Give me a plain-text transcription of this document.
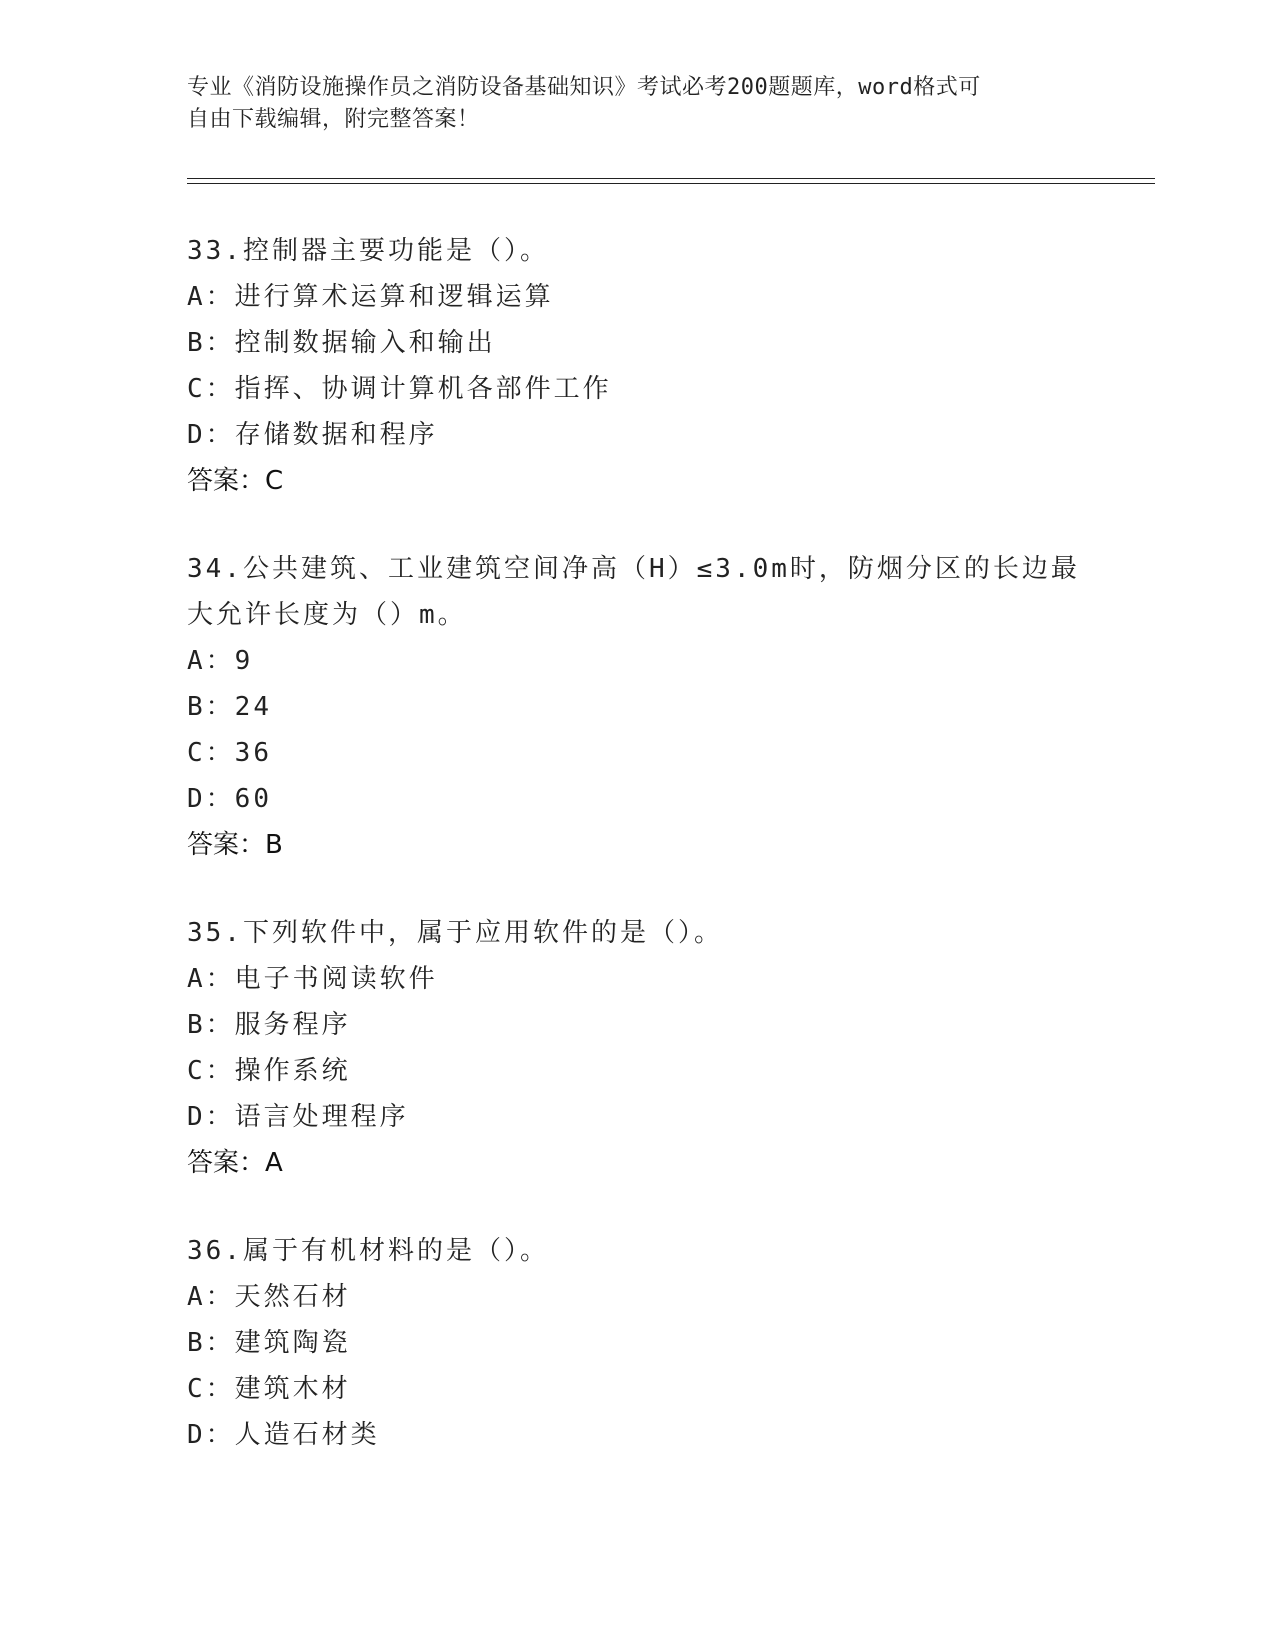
专业《消防设施操作员之消防设备基础知识》考试必考200题题库，word格式可
自由下载编辑，附完整答案！
33.控制器主要功能是（）。
A：进行算术运算和逻辑运算
B：控制数据输入和输出
C：指挥、协调计算机各部件工作
D：存储数据和程序
答案：C
34.公共建筑、工业建筑空间净高（H）≤3.0m时，防烟分区的长边最
大允许长度为（）m。
A：9
B：24
C：36
D：60
答案：B
35.下列软件中，属于应用软件的是（）。
A：电子书阅读软件
B：服务程序
C：操作系统
D：语言处理程序
答案：A
36.属于有机材料的是（）。
A：天然石材
B：建筑陶瓷
C：建筑木材
D：人造石材类
